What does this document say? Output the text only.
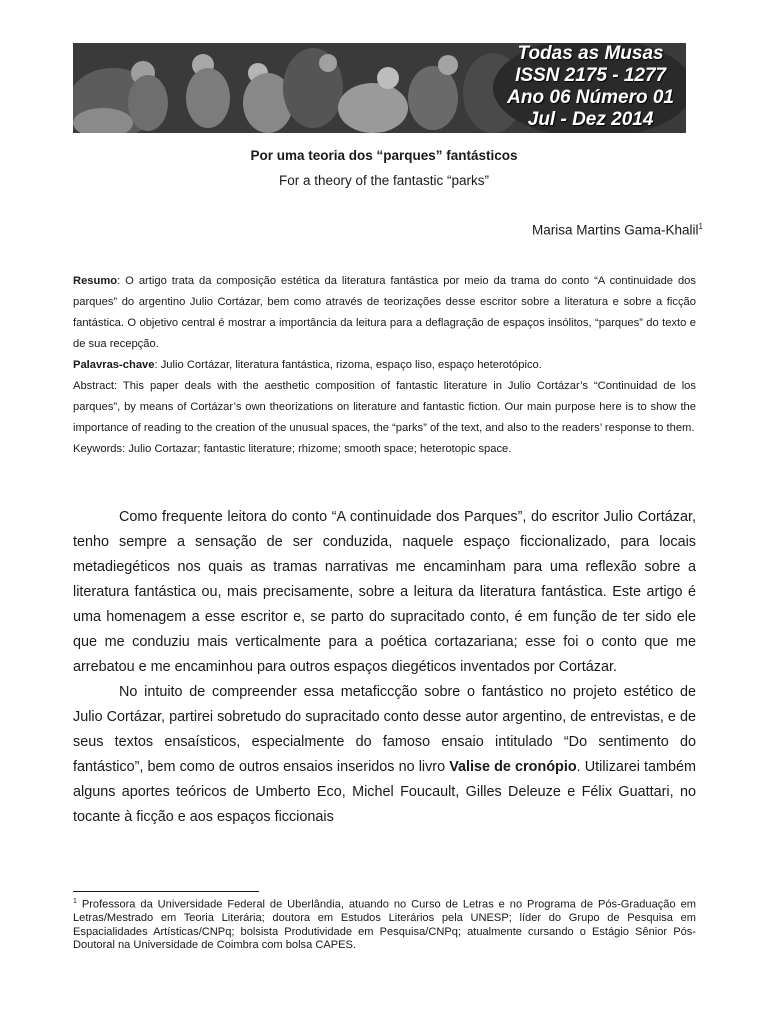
Todas as Musas
ISSN 2175 - 1277
Ano 06 Número 01
Jul - Dez 2014
Por uma teoria dos “parques” fantásticos
For a theory of the fantastic “parks”
Marisa Martins Gama-Khalil$^1$

Resumo: O artigo trata da composição estética da literatura fantástica por meio da trama do conto “A continuidade dos parques” do argentino Julio Cortázar, bem como através de teorizações desse escritor sobre a literatura e sobre a ficção fantástica. O objetivo central é mostrar a importância da leitura para a deflagração de espaços insólitos, “parques” do texto e de sua recepção.

Palavras-chave: Julio Cortázar, literatura fantástica, rizoma, espaço liso, espaço heterotópico.

Abstract: This paper deals with the aesthetic composition of fantastic literature in Julio Cortázar’s “Continuidad de los parques”, by means of Cortázar’s own theorizations on literature and fantastic fiction. Our main purpose here is to show the importance of reading to the creation of the unusual spaces, the “parks” of the text, and also to the readers’ response to them.

Keywords: Julio Cortazar; fantastic literature; rhizome; smooth space; heterotopic space.

Como frequente leitora do conto “A continuidade dos Parques”, do escritor Julio Cortázar, tenho sempre a sensação de ser conduzida, naquele espaço ficcionalizado, para locais metadiegéticos nos quais as tramas narrativas me encaminham para uma reflexão sobre a literatura fantástica ou, mais precisamente, sobre a leitura da literatura fantástica. Este artigo é uma homenagem a esse escritor e, se parto do supracitado conto, é em função de ter sido ele que me conduziu mais verticalmente para a poética cortazariana; esse foi o conto que me arrebatou e me encaminhou para outros espaços diegéticos inventados por Cortázar.

No intuito de compreender essa metaficcção sobre o fantástico no projeto estético de Julio Cortázar, partirei sobretudo do supracitado conto desse autor argentino, de entrevistas, e de seus textos ensaísticos, especialmente do famoso ensaio intitulado “Do sentimento do fantástico”, bem como de outros ensaios inseridos no livro Valise de cronópio. Utilizarei também alguns aportes teóricos de Umberto Eco, Michel Foucault, Gilles Deleuze e Félix Guattari, no tocante à ficção e aos espaços ficcionais

$^1$ Professora da Universidade Federal de Uberlândia, atuando no Curso de Letras e no Programa de Pós-Graduação em Letras/Mestrado em Teoria Literária; doutora em Estudos Literários pela UNESP; líder do Grupo de Pesquisa em Espacialidades Artísticas/CNPq; bolsista Produtividade em Pesquisa/CNPq; atualmente cursando o Estágio Sênior Pós-Doutoral na Universidade de Coimbra com bolsa CAPES.
